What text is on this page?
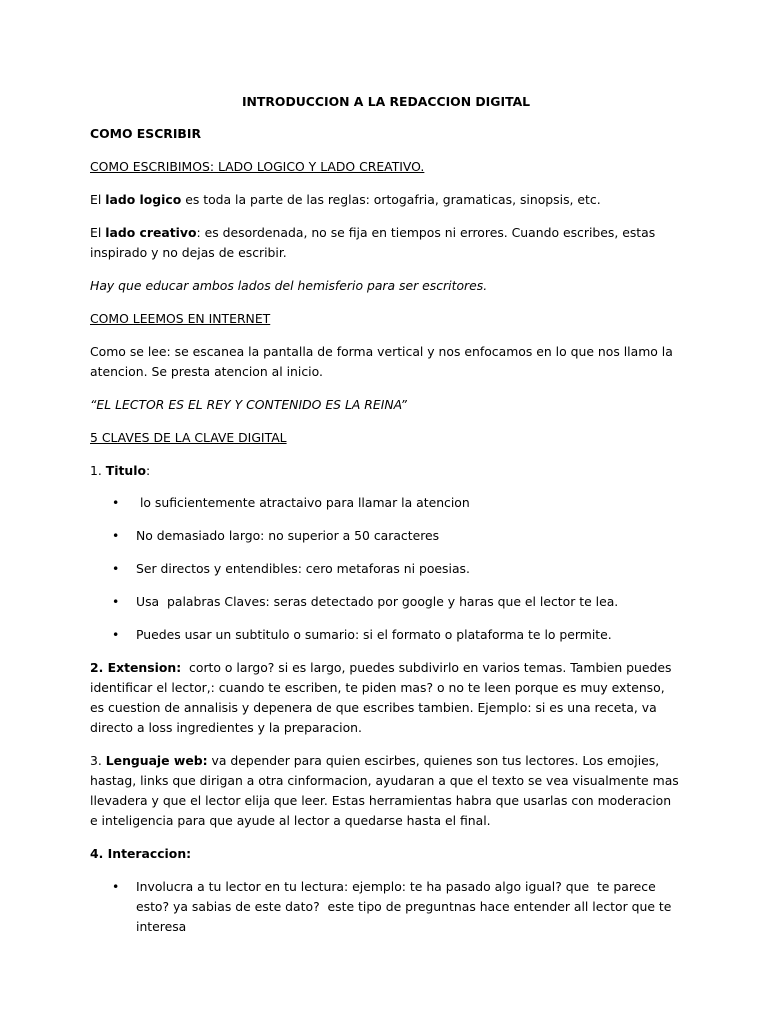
INTRODUCCION A LA REDACCION DIGITAL

COMO ESCRIBIR

COMO ESCRIBIMOS: LADO LOGICO Y LADO CREATIVO.

El lado logico es toda la parte de las reglas: ortogafria, gramaticas, sinopsis, etc.

El lado creativo: es desordenada, no se fija en tiempos ni errores. Cuando escribes, estas inspirado y no dejas de escribir.

Hay que educar ambos lados del hemisferio para ser escritores.

COMO LEEMOS EN INTERNET

Como se lee: se escanea la pantalla de forma vertical y nos enfocamos en lo que nos llamo la atencion. Se presta atencion al inicio.

“EL LECTOR ES EL REY Y CONTENIDO ES LA REINA”

5 CLAVES DE LA CLAVE DIGITAL

1. Titulo:

• lo suficientemente atractaivo para llamar la atencion

• No demasiado largo: no superior a 50 caracteres

• Ser directos y entendibles: cero metaforas ni poesias.

• Usa  palabras Claves: seras detectado por google y haras que el lector te lea.

• Puedes usar un subtitulo o sumario: si el formato o plataforma te lo permite.

2. Extension:  corto o largo? si es largo, puedes subdivirlo en varios temas. Tambien puedes identificar el lector,: cuando te escriben, te piden mas? o no te leen porque es muy extenso, es cuestion de annalisis y depenera de que escribes tambien. Ejemplo: si es una receta, va directo a loss ingredientes y la preparacion.

3. Lenguaje web: va depender para quien escirbes, quienes son tus lectores. Los emojies, hastag, links que dirigan a otra cinformacion, ayudaran a que el texto se vea visualmente mas llevadera y que el lector elija que leer. Estas herramientas habra que usarlas con moderacion e inteligencia para que ayude al lector a quedarse hasta el final.

4. Interaccion:

• Involucra a tu lector en tu lectura: ejemplo: te ha pasado algo igual? que  te parece esto? ya sabias de este dato?  este tipo de preguntnas hace entender all lector que te interesa
